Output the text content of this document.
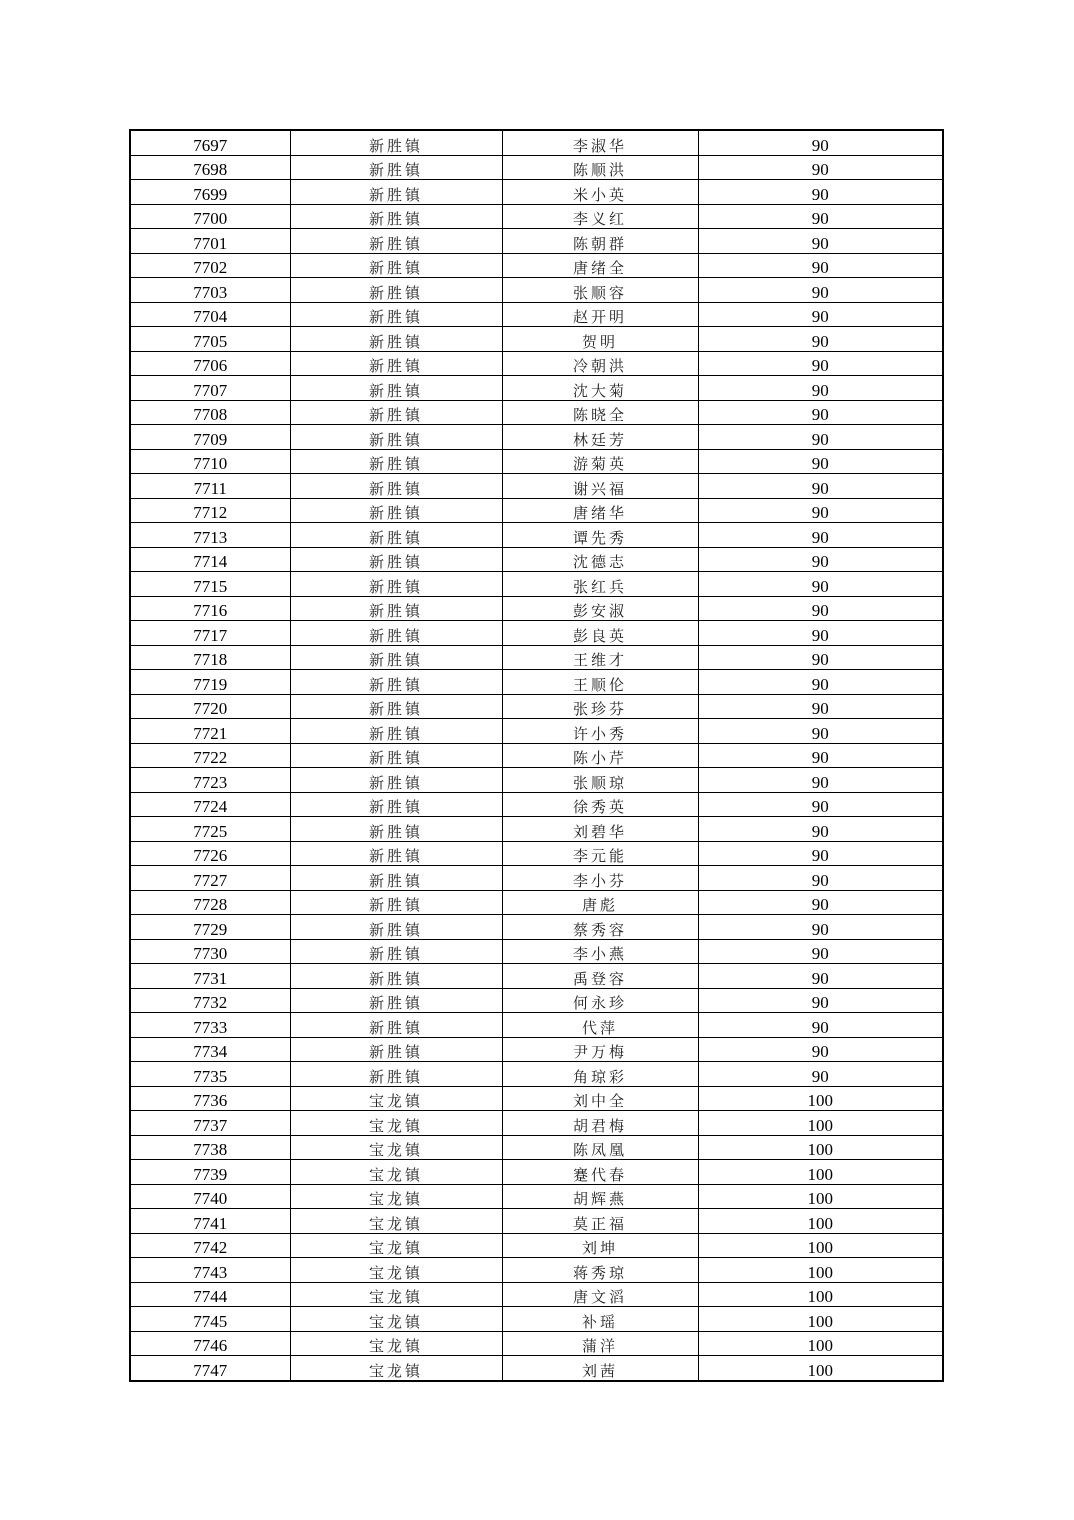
7697	新胜镇	李淑华	90
7698	新胜镇	陈顺洪	90
7699	新胜镇	米小英	90
7700	新胜镇	李义红	90
7701	新胜镇	陈朝群	90
7702	新胜镇	唐绪全	90
7703	新胜镇	张顺容	90
7704	新胜镇	赵开明	90
7705	新胜镇	贺明	90
7706	新胜镇	冷朝洪	90
7707	新胜镇	沈大菊	90
7708	新胜镇	陈晓全	90
7709	新胜镇	林廷芳	90
7710	新胜镇	游菊英	90
7711	新胜镇	谢兴福	90
7712	新胜镇	唐绪华	90
7713	新胜镇	谭先秀	90
7714	新胜镇	沈德志	90
7715	新胜镇	张红兵	90
7716	新胜镇	彭安淑	90
7717	新胜镇	彭良英	90
7718	新胜镇	王维才	90
7719	新胜镇	王顺伦	90
7720	新胜镇	张珍芬	90
7721	新胜镇	许小秀	90
7722	新胜镇	陈小芹	90
7723	新胜镇	张顺琼	90
7724	新胜镇	徐秀英	90
7725	新胜镇	刘碧华	90
7726	新胜镇	李元能	90
7727	新胜镇	李小芬	90
7728	新胜镇	唐彪	90
7729	新胜镇	蔡秀容	90
7730	新胜镇	李小燕	90
7731	新胜镇	禹登容	90
7732	新胜镇	何永珍	90
7733	新胜镇	代萍	90
7734	新胜镇	尹万梅	90
7735	新胜镇	角琼彩	90
7736	宝龙镇	刘中全	100
7737	宝龙镇	胡君梅	100
7738	宝龙镇	陈凤凰	100
7739	宝龙镇	蹇代春	100
7740	宝龙镇	胡辉燕	100
7741	宝龙镇	莫正福	100
7742	宝龙镇	刘坤	100
7743	宝龙镇	蒋秀琼	100
7744	宝龙镇	唐文滔	100
7745	宝龙镇	补瑶	100
7746	宝龙镇	蒲洋	100
7747	宝龙镇	刘茜	100
